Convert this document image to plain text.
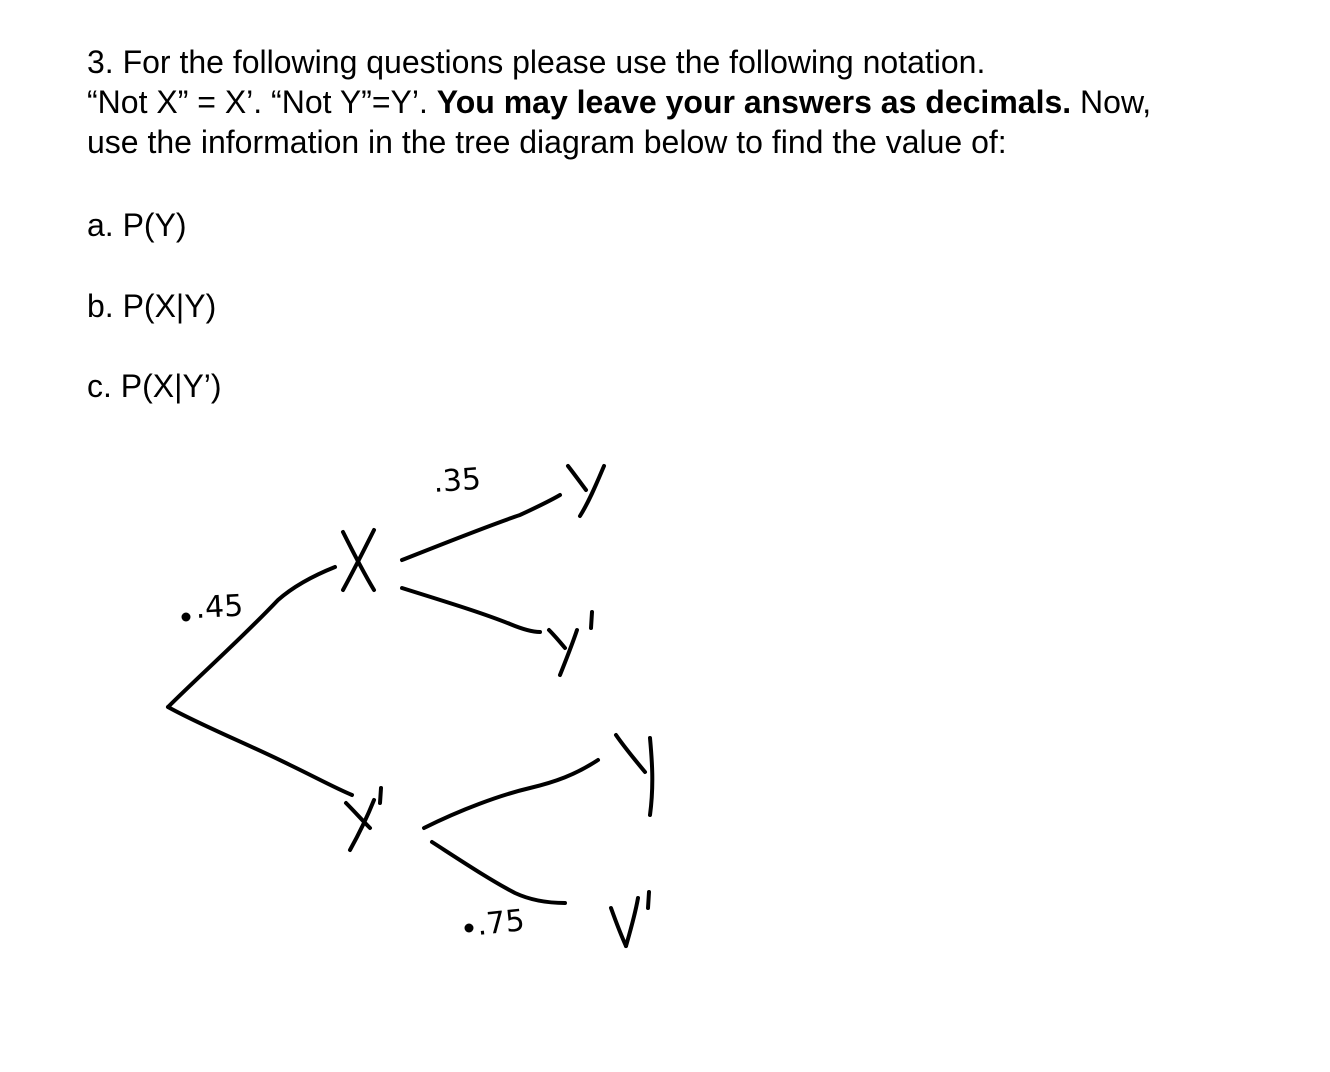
3. For the following questions please use the following notation.

“Not X” = X’. “Not Y”=Y’. You may leave your answers as decimals. Now,

use the information in the tree diagram below to find the value of:

a. P(Y)
b. P(X|Y)
c. P(X|Y’)
.45
.35
.75
